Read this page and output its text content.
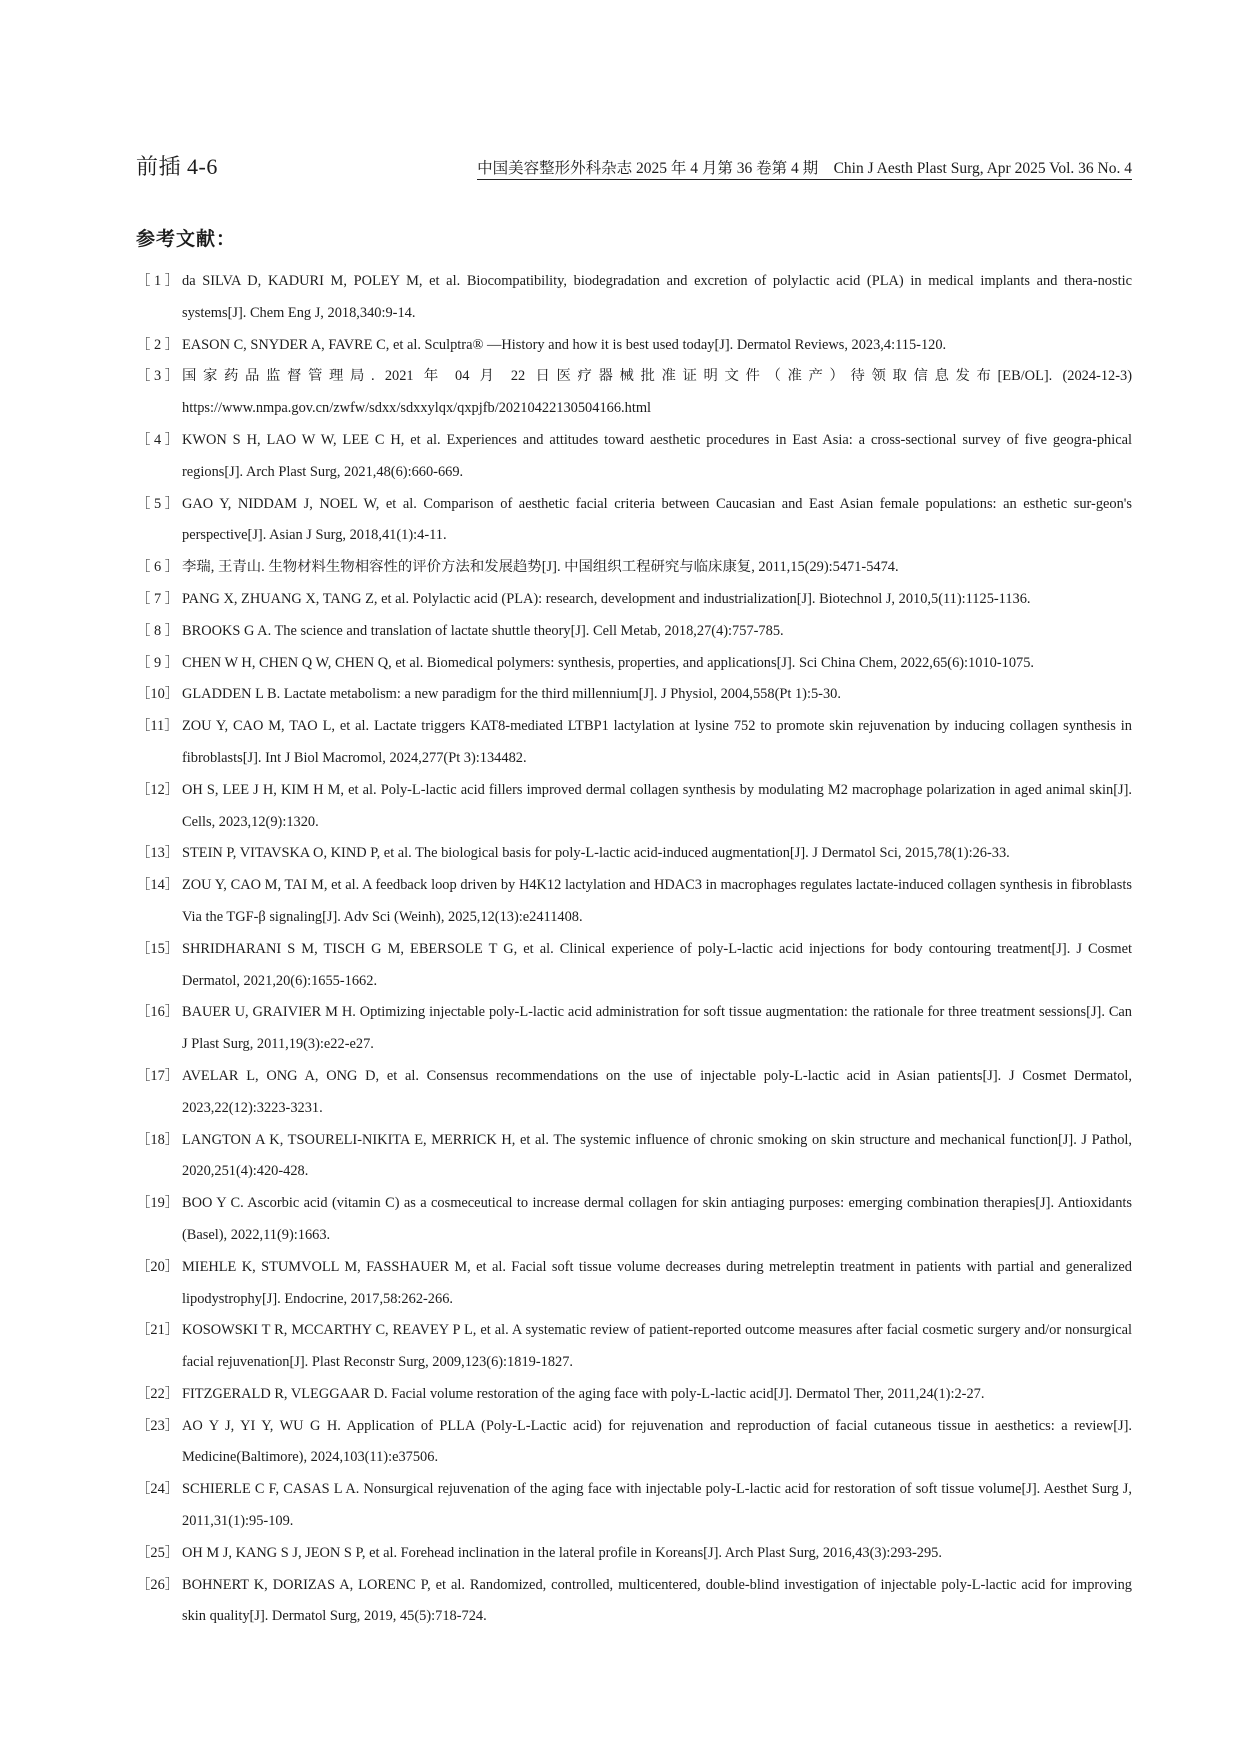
前插 4-6	中国美容整形外科杂志 2025 年 4 月第 36 卷第 4 期　Chin J Aesth Plast Surg, Apr 2025 Vol. 36 No. 4
参考文献：
［ 1 ］ da SILVA D, KADURI M, POLEY M, et al. Biocompatibility, biodegradation and excretion of polylactic acid (PLA) in medical implants and thera-nostic systems[J]. Chem Eng J, 2018,340:9-14.
［ 2 ］ EASON C, SNYDER A, FAVRE C, et al. Sculptra® —History and how it is best used today[J]. Dermatol Reviews, 2023,4:115-120.
［ 3 ］ 国家药品监督管理局. 2021 年 04 月 22 日医疗器械批准证明文件（准产）待领取信息发布[EB/OL]. (2024-12-3) https://www.nmpa.gov.cn/zwfw/sdxx/sdxxylqx/qxpjfb/20210422130504166.html
［ 4 ］ KWON S H, LAO W W, LEE C H, et al. Experiences and attitudes toward aesthetic procedures in East Asia: a cross-sectional survey of five geogra-phical regions[J]. Arch Plast Surg, 2021,48(6):660-669.
［ 5 ］ GAO Y, NIDDAM J, NOEL W, et al. Comparison of aesthetic facial criteria between Caucasian and East Asian female populations: an esthetic sur-geon's perspective[J]. Asian J Surg, 2018,41(1):4-11.
［ 6 ］ 李瑞, 王青山. 生物材料生物相容性的评价方法和发展趋势[J]. 中国组织工程研究与临床康复, 2011,15(29):5471-5474.
［ 7 ］ PANG X, ZHUANG X, TANG Z, et al. Polylactic acid (PLA): research, development and industrialization[J]. Biotechnol J, 2010,5(11):1125-1136.
［ 8 ］ BROOKS G A. The science and translation of lactate shuttle theory[J]. Cell Metab, 2018,27(4):757-785.
［ 9 ］ CHEN W H, CHEN Q W, CHEN Q, et al. Biomedical polymers: synthesis, properties, and applications[J]. Sci China Chem, 2022,65(6):1010-1075.
［10］ GLADDEN L B. Lactate metabolism: a new paradigm for the third millennium[J]. J Physiol, 2004,558(Pt 1):5-30.
［11］ ZOU Y, CAO M, TAO L, et al. Lactate triggers KAT8-mediated LTBP1 lactylation at lysine 752 to promote skin rejuvenation by inducing collagen synthesis in fibroblasts[J]. Int J Biol Macromol, 2024,277(Pt 3):134482.
［12］ OH S, LEE J H, KIM H M, et al. Poly-L-lactic acid fillers improved dermal collagen synthesis by modulating M2 macrophage polarization in aged animal skin[J]. Cells, 2023,12(9):1320.
［13］ STEIN P, VITAVSKA O, KIND P, et al. The biological basis for poly-L-lactic acid-induced augmentation[J]. J Dermatol Sci, 2015,78(1):26-33.
［14］ ZOU Y, CAO M, TAI M, et al. A feedback loop driven by H4K12 lactylation and HDAC3 in macrophages regulates lactate-induced collagen synthesis in fibroblasts Via the TGF-β signaling[J]. Adv Sci (Weinh), 2025,12(13):e2411408.
［15］ SHRIDHARANI S M, TISCH G M, EBERSOLE T G, et al. Clinical experience of poly-L-lactic acid injections for body contouring treatment[J]. J Cosmet Dermatol, 2021,20(6):1655-1662.
［16］ BAUER U, GRAIVIER M H. Optimizing injectable poly-L-lactic acid administration for soft tissue augmentation: the rationale for three treatment sessions[J]. Can J Plast Surg, 2011,19(3):e22-e27.
［17］ AVELAR L, ONG A, ONG D, et al. Consensus recommendations on the use of injectable poly-L-lactic acid in Asian patients[J]. J Cosmet Dermatol, 2023,22(12):3223-3231.
［18］ LANGTON A K, TSOURELI-NIKITA E, MERRICK H, et al. The systemic influence of chronic smoking on skin structure and mechanical function[J]. J Pathol, 2020,251(4):420-428.
［19］ BOO Y C. Ascorbic acid (vitamin C) as a cosmeceutical to increase dermal collagen for skin antiaging purposes: emerging combination therapies[J]. Antioxidants (Basel), 2022,11(9):1663.
［20］ MIEHLE K, STUMVOLL M, FASSHAUER M, et al. Facial soft tissue volume decreases during metreleptin treatment in patients with partial and generalized lipodystrophy[J]. Endocrine, 2017,58:262-266.
［21］ KOSOWSKI T R, MCCARTHY C, REAVEY P L, et al. A systematic review of patient-reported outcome measures after facial cosmetic surgery and/or nonsurgical facial rejuvenation[J]. Plast Reconstr Surg, 2009,123(6):1819-1827.
［22］ FITZGERALD R, VLEGGAAR D. Facial volume restoration of the aging face with poly-L-lactic acid[J]. Dermatol Ther, 2011,24(1):2-27.
［23］ AO Y J, YI Y, WU G H. Application of PLLA (Poly-L-Lactic acid) for rejuvenation and reproduction of facial cutaneous tissue in aesthetics: a review[J]. Medicine(Baltimore), 2024,103(11):e37506.
［24］ SCHIERLE C F, CASAS L A. Nonsurgical rejuvenation of the aging face with injectable poly-L-lactic acid for restoration of soft tissue volume[J]. Aesthet Surg J, 2011,31(1):95-109.
［25］ OH M J, KANG S J, JEON S P, et al. Forehead inclination in the lateral profile in Koreans[J]. Arch Plast Surg, 2016,43(3):293-295.
［26］ BOHNERT K, DORIZAS A, LORENC P, et al. Randomized, controlled, multicentered, double-blind investigation of injectable poly-L-lactic acid for improving skin quality[J]. Dermatol Surg, 2019, 45(5):718-724.
